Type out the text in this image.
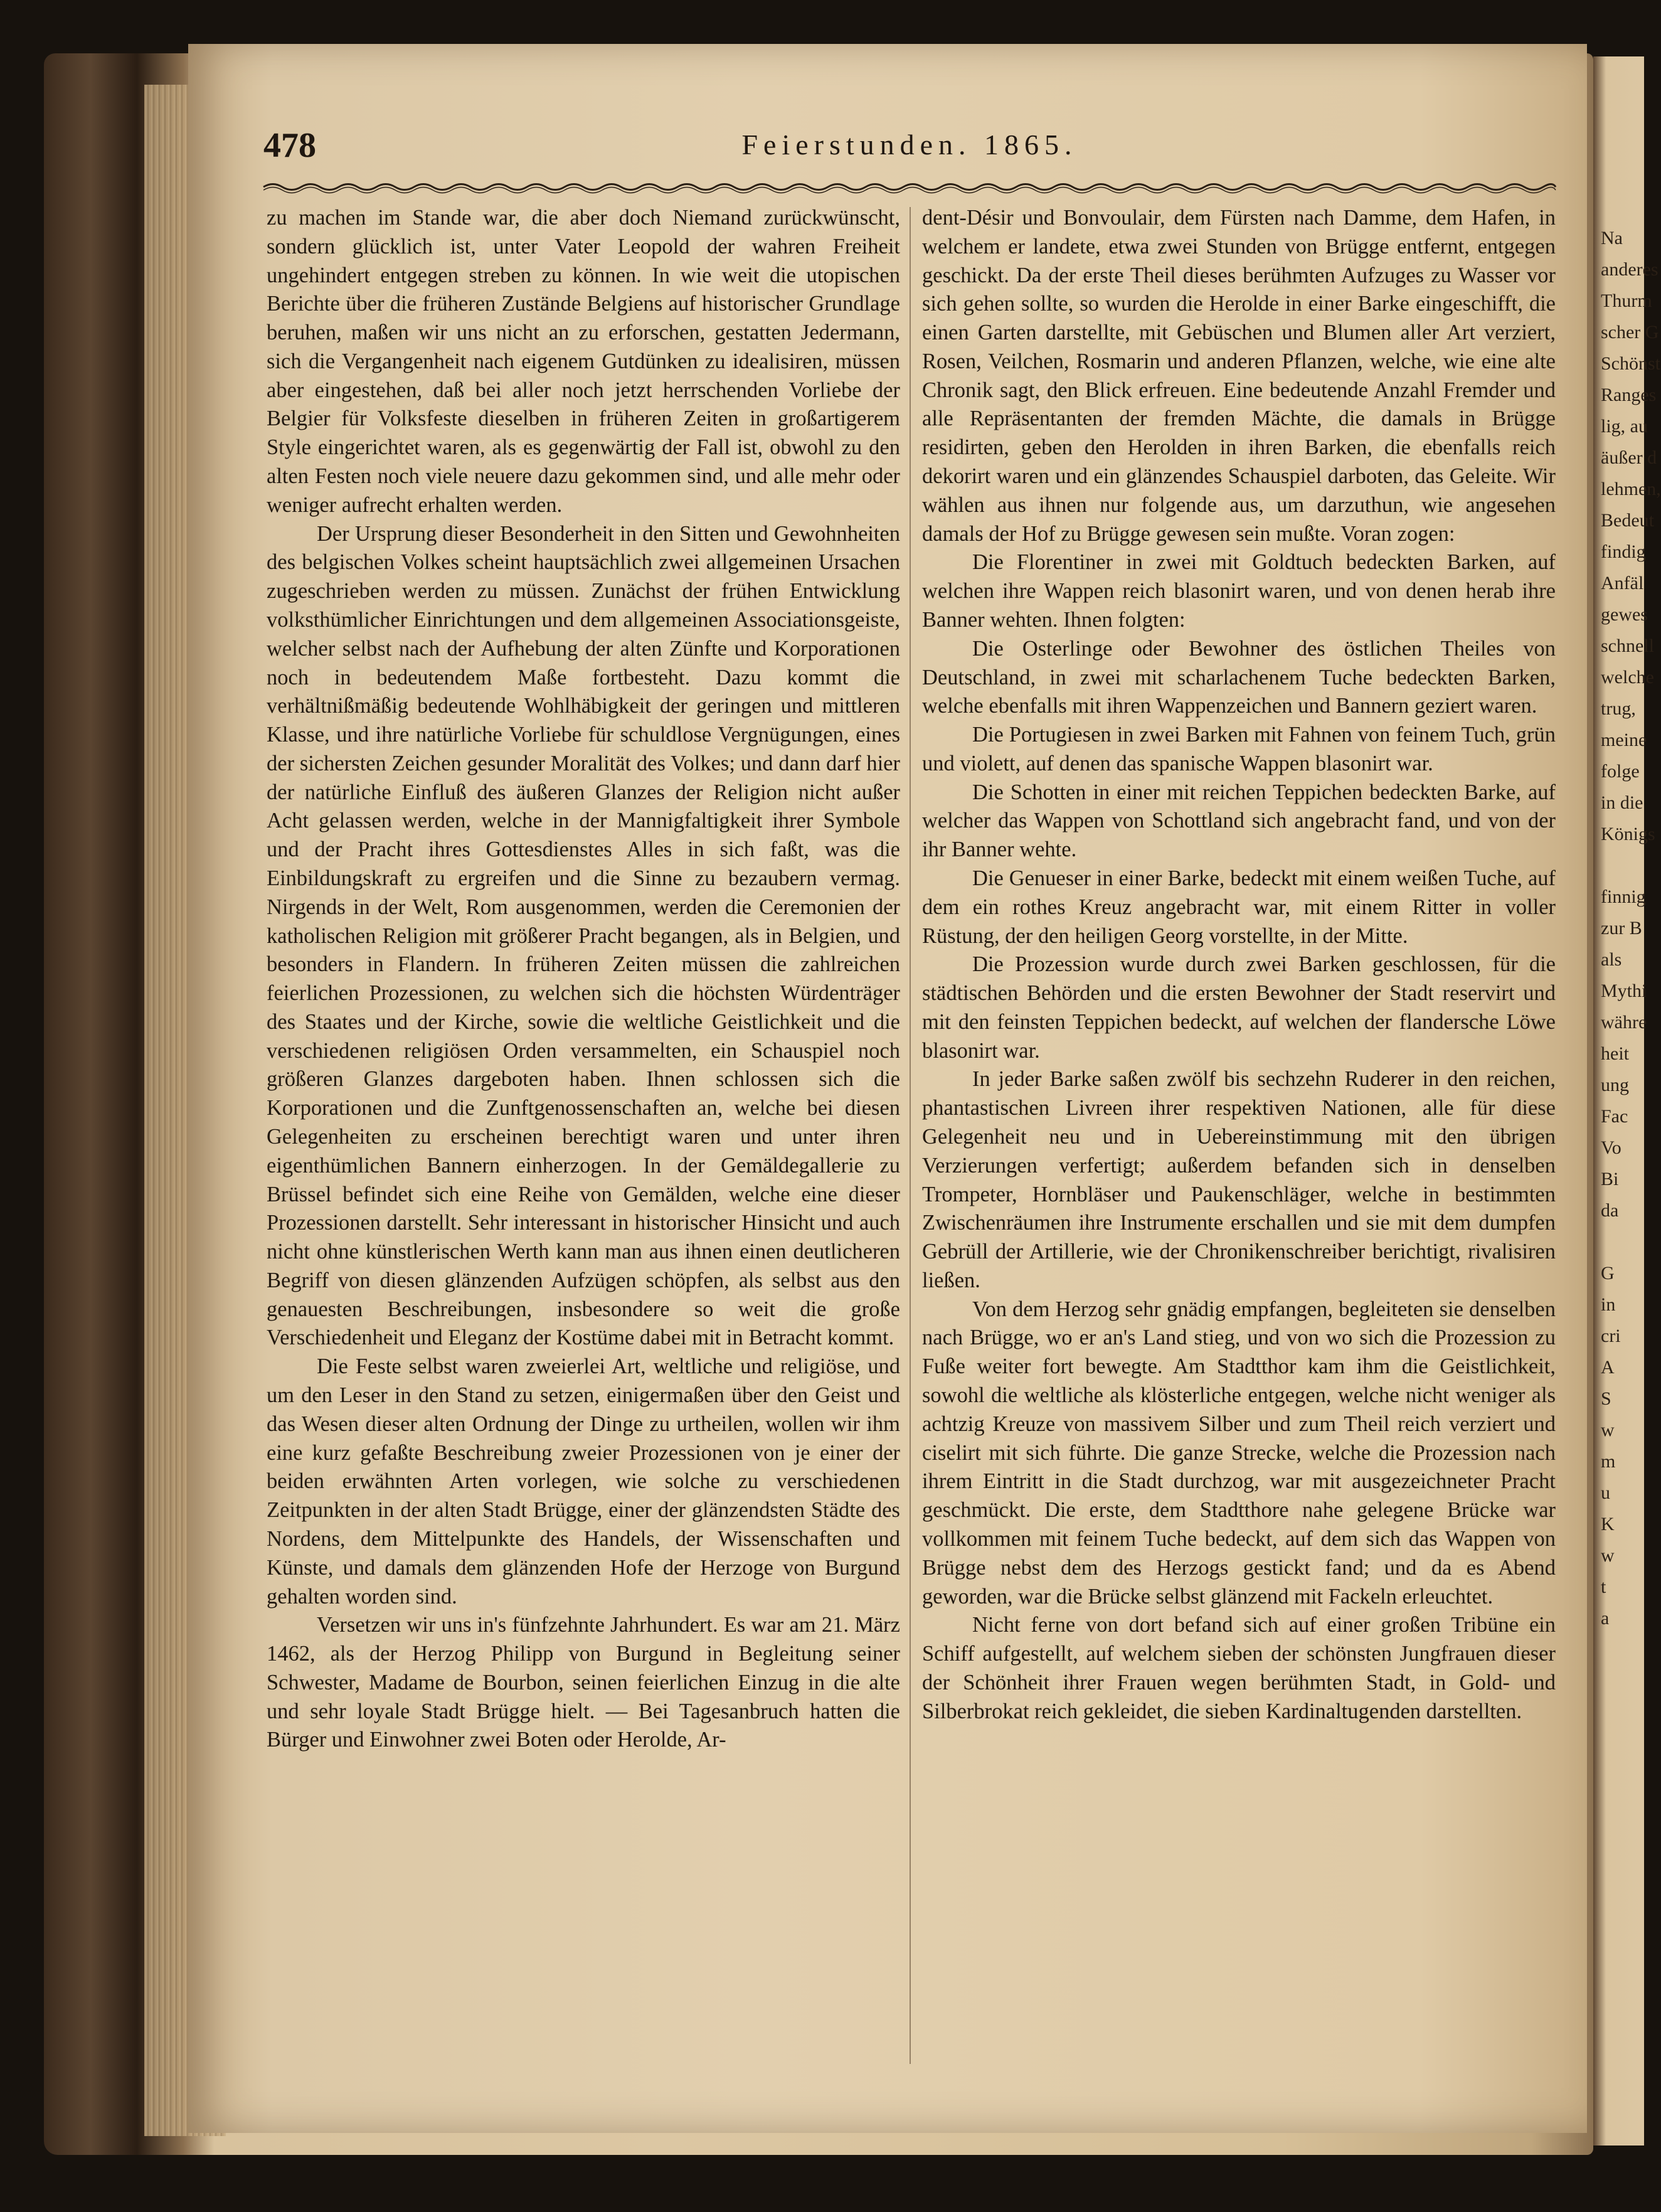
478	Feierstunden. 1865.

zu machen im Stande war, die aber doch Niemand zurückwünscht, sondern glücklich ist, unter Vater Leopold der wahren Freiheit ungehindert entgegen streben zu können. In wie weit die utopischen Berichte über die früheren Zustände Belgiens auf historischer Grundlage beruhen, maßen wir uns nicht an zu erforschen, gestatten Jedermann, sich die Vergangenheit nach eigenem Gutdünken zu idealisiren, müssen aber eingestehen, daß bei aller noch jetzt herrschenden Vorliebe der Belgier für Volksfeste dieselben in früheren Zeiten in großartigerem Style eingerichtet waren, als es gegenwärtig der Fall ist, obwohl zu den alten Festen noch viele neuere dazu gekommen sind, und alle mehr oder weniger aufrecht erhalten werden.

Der Ursprung dieser Besonderheit in den Sitten und Gewohnheiten des belgischen Volkes scheint hauptsächlich zwei allgemeinen Ursachen zugeschrieben werden zu müssen. Zunächst der frühen Entwicklung volksthümlicher Einrichtungen und dem allgemeinen Associationsgeiste, welcher selbst nach der Aufhebung der alten Zünfte und Korporationen noch in bedeutendem Maße fortbesteht. Dazu kommt die verhältnißmäßig bedeutende Wohlhäbigkeit der geringen und mittleren Klasse, und ihre natürliche Vorliebe für schuldlose Vergnügungen, eines der sichersten Zeichen gesunder Moralität des Volkes; und dann darf hier der natürliche Einfluß des äußeren Glanzes der Religion nicht außer Acht gelassen werden, welche in der Mannigfaltigkeit ihrer Symbole und der Pracht ihres Gottesdienstes Alles in sich faßt, was die Einbildungskraft zu ergreifen und die Sinne zu bezaubern vermag. Nirgends in der Welt, Rom ausgenommen, werden die Ceremonien der katholischen Religion mit größerer Pracht begangen, als in Belgien, und besonders in Flandern. In früheren Zeiten müssen die zahlreichen feierlichen Prozessionen, zu welchen sich die höchsten Würdenträger des Staates und der Kirche, sowie die weltliche Geistlichkeit und die verschiedenen religiösen Orden versammelten, ein Schauspiel noch größeren Glanzes dargeboten haben. Ihnen schlossen sich die Korporationen und die Zunftgenossenschaften an, welche bei diesen Gelegenheiten zu erscheinen berechtigt waren und unter ihren eigenthümlichen Bannern einherzogen. In der Gemäldegallerie zu Brüssel befindet sich eine Reihe von Gemälden, welche eine dieser Prozessionen darstellt. Sehr interessant in historischer Hinsicht und auch nicht ohne künstlerischen Werth kann man aus ihnen einen deutlicheren Begriff von diesen glänzenden Aufzügen schöpfen, als selbst aus den genauesten Beschreibungen, insbesondere so weit die große Verschiedenheit und Eleganz der Kostüme dabei mit in Betracht kommt.

Die Feste selbst waren zweierlei Art, weltliche und religiöse, und um den Leser in den Stand zu setzen, einigermaßen über den Geist und das Wesen dieser alten Ordnung der Dinge zu urtheilen, wollen wir ihm eine kurz gefaßte Beschreibung zweier Prozessionen von je einer der beiden erwähnten Arten vorlegen, wie solche zu verschiedenen Zeitpunkten in der alten Stadt Brügge, einer der glänzendsten Städte des Nordens, dem Mittelpunkte des Handels, der Wissenschaften und Künste, und damals dem glänzenden Hofe der Herzoge von Burgund gehalten worden sind.

Versetzen wir uns in's fünfzehnte Jahrhundert. Es war am 21. März 1462, als der Herzog Philipp von Burgund in Begleitung seiner Schwester, Madame de Bourbon, seinen feierlichen Einzug in die alte und sehr loyale Stadt Brügge hielt. — Bei Tagesanbruch hatten die Bürger und Einwohner zwei Boten oder Herolde, Ar-

dent-Désir und Bonvoulair, dem Fürsten nach Damme, dem Hafen, in welchem er landete, etwa zwei Stunden von Brügge entfernt, entgegen geschickt. Da der erste Theil dieses berühmten Aufzuges zu Wasser vor sich gehen sollte, so wurden die Herolde in einer Barke eingeschifft, die einen Garten darstellte, mit Gebüschen und Blumen aller Art verziert, Rosen, Veilchen, Rosmarin und anderen Pflanzen, welche, wie eine alte Chronik sagt, den Blick erfreuen. Eine bedeutende Anzahl Fremder und alle Repräsentanten der fremden Mächte, die damals in Brügge residirten, geben den Herolden in ihren Barken, die ebenfalls reich dekorirt waren und ein glänzendes Schauspiel darboten, das Geleite. Wir wählen aus ihnen nur folgende aus, um darzuthun, wie angesehen damals der Hof zu Brügge gewesen sein mußte. Voran zogen:

Die Florentiner in zwei mit Goldtuch bedeckten Barken, auf welchen ihre Wappen reich blasonirt waren, und von denen herab ihre Banner wehten. Ihnen folgten:

Die Osterlinge oder Bewohner des östlichen Theiles von Deutschland, in zwei mit scharlachenem Tuche bedeckten Barken, welche ebenfalls mit ihren Wappenzeichen und Bannern geziert waren.

Die Portugiesen in zwei Barken mit Fahnen von feinem Tuch, grün und violett, auf denen das spanische Wappen blasonirt war.

Die Schotten in einer mit reichen Teppichen bedeckten Barke, auf welcher das Wappen von Schottland sich angebracht fand, und von der ihr Banner wehte.

Die Genueser in einer Barke, bedeckt mit einem weißen Tuche, auf dem ein rothes Kreuz angebracht war, mit einem Ritter in voller Rüstung, der den heiligen Georg vorstellte, in der Mitte.

Die Prozession wurde durch zwei Barken geschlossen, für die städtischen Behörden und die ersten Bewohner der Stadt reservirt und mit den feinsten Teppichen bedeckt, auf welchen der flandersche Löwe blasonirt war.

In jeder Barke saßen zwölf bis sechzehn Ruderer in den reichen, phantastischen Livreen ihrer respektiven Nationen, alle für diese Gelegenheit neu und in Uebereinstimmung mit den übrigen Verzierungen verfertigt; außerdem befanden sich in denselben Trompeter, Hornbläser und Paukenschläger, welche in bestimmten Zwischenräumen ihre Instrumente erschallen und sie mit dem dumpfen Gebrüll der Artillerie, wie der Chronikenschreiber berichtigt, rivalisiren ließen.

Von dem Herzog sehr gnädig empfangen, begleiteten sie denselben nach Brügge, wo er an's Land stieg, und von wo sich die Prozession zu Fuße weiter fort bewegte. Am Stadtthor kam ihm die Geistlichkeit, sowohl die weltliche als klösterliche entgegen, welche nicht weniger als achtzig Kreuze von massivem Silber und zum Theil reich verziert und ciselirt mit sich führte. Die ganze Strecke, welche die Prozession nach ihrem Eintritt in die Stadt durchzog, war mit ausgezeichneter Pracht geschmückt. Die erste, dem Stadtthore nahe gelegene Brücke war vollkommen mit feinem Tuche bedeckt, auf dem sich das Wappen von Brügge nebst dem des Herzogs gestickt fand; und da es Abend geworden, war die Brücke selbst glänzend mit Fackeln erleuchtet.

Nicht ferne von dort befand sich auf einer großen Tribüne ein Schiff aufgestellt, auf welchem sieben der schönsten Jungfrauen dieser der Schönheit ihrer Frauen wegen berühmten Stadt, in Gold- und Silberbrokat reich gekleidet, die sieben Kardinaltugenden darstellten.

Na
anderes
Thurm
scher G
Schönst
Ranges
lig, au
äußer d
lehmen,
Bedeut
findig
Anfäl
gewes
schnell
welche
trug,
meine
folge
in die
Königs
finnig
zur B
als
Mythi
währe
heit
ung
Fac
Vo
Bi
da
G
in
cri
A
S
w
m
u
K
w
t
a
